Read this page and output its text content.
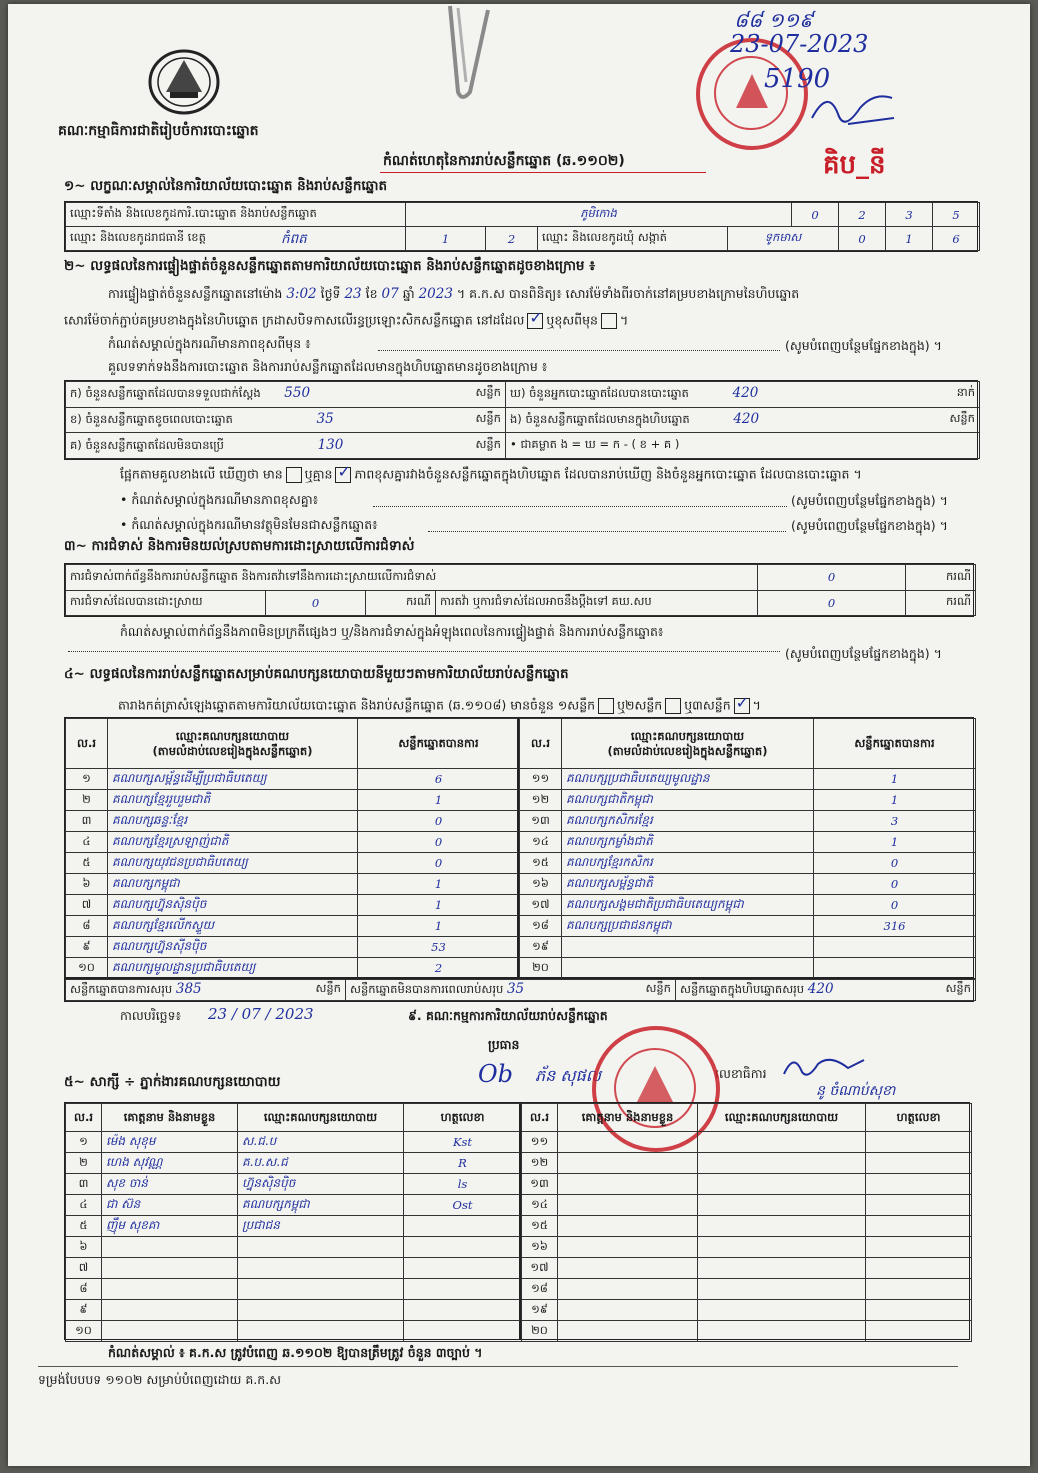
គណៈកម្មាធិការជាតិរៀបចំការបោះឆ្នោត
៨៨ ១១៩
23-07-2023
5190
គិប_នី
កំណត់ហេតុនៃការរាប់សន្លឹកឆ្នោត (ឆ.១១០២)
១~ លក្ខណៈសម្គាល់នៃការិយាល័យបោះឆ្នោត និងរាប់សន្លឹកឆ្នោត
ឈ្មោះទីតាំង និងលេខកូដការិ.បោះឆ្នោត និងរាប់សន្លឹកឆ្នោត	ភូមិកោង				0	2	3	5
ឈ្មោះ និងលេខកូដរាជធានី ខេត្ត កំពត	1	2	ឈ្មោះ និងលេខកូដឃុំ សង្កាត់	ទូកមាស		0	1	6
២~ លទ្ធផលនៃការផ្ទៀងផ្ទាត់ចំនួនសន្លឹកឆ្នោតតាមការិយាល័យបោះឆ្នោត និងរាប់សន្លឹកឆ្នោតដូចខាងក្រោម ៖
ការផ្ទៀងផ្ទាត់ចំនួនសន្លឹកឆ្នោតនៅម៉ោង 3:02 ថ្ងៃទី 23 ខែ 07 ឆ្នាំ 2023 ។ គ.ក.ស បានពិនិត្យ៖ សោរម៉ែទាំងពីរចាក់នៅគម្របខាងក្រោមនៃហិបឆ្នោត
សោរម៉ែចាក់ភ្ជាប់គម្របខាងក្នុងនៃហិបឆ្នោត ក្រដាសបិទកាសលើរន្ធប្រឡោះសិកសន្លឹកឆ្នោត នៅដដែល ✓ ឬខុសពីមុន ។
កំណត់សម្គាល់ក្នុងករណីមានភាពខុសពីមុន ៖	(សូមបំពេញបន្ថែមផ្នែកខាងក្នុង) ។
គួលទទាក់ទងនឹងការបោះឆ្នោត និងការរាប់សន្លឹកឆ្នោតដែលមានក្នុងហិបឆ្នោតមានដូចខាងក្រោម ៖
ក) ចំនួនសន្លឹកឆ្នោតដែលបានទទួលជាក់ស្តែង 550 សន្លឹក	ឃ) ចំនួនអ្នកបោះឆ្នោតដែលបានបោះឆ្នោត 420 នាក់

ខ) ចំនួនសន្លឹកឆ្នោតខូចពេលបោះឆ្នោត 35 សន្លឹក	ង) ចំនួនសន្លឹកឆ្នោតដែលមានក្នុងហិបឆ្នោត 420 សន្លឹក

គ) ចំនួនសន្លឹកឆ្នោតដែលមិនបានប្រើ 130 សន្លឹក	• ជាគម្លាត ង = ឃ = ក - ( ខ + គ )
ផ្អែកតាមគួលខាងលើ ឃើញថា មាន ឬគ្មាន ✓ ភាពខុសគ្នារវាងចំនួនសន្លឹកឆ្នោតក្នុងហិបឆ្នោត ដែលបានរាប់ឃើញ និងចំនួនអ្នកបោះឆ្នោត ដែលបានបោះឆ្នោត ។
• កំណត់សម្គាល់ក្នុងករណីមានភាពខុសគ្នា៖	(សូមបំពេញបន្ថែមផ្នែកខាងក្នុង) ។
• កំណត់សម្គាល់ក្នុងករណីមានវត្ថុមិនមែនជាសន្លឹកឆ្នោត៖	(សូមបំពេញបន្ថែមផ្នែកខាងក្នុង) ។
៣~ ការជំទាស់ និងការមិនយល់ស្របតាមការដោះស្រាយលើការជំទាស់
ការជំទាស់ពាក់ព័ន្ធនឹងការរាប់សន្លឹកឆ្នោត និងការតវ៉ាទៅនឹងការដោះស្រាយលើការជំទាស់				0	ករណី
ការជំទាស់ដែលបានដោះស្រាយ	0	ករណី	ការតវ៉ា ឬការជំទាស់ដែលអាចនឹងប្តឹងទៅ គឃ.សប	0	ករណី
កំណត់សម្គាល់ពាក់ព័ន្ធនឹងភាពមិនប្រក្រតីផ្សេងៗ ឬ/និងការជំទាស់ក្នុងអំឡុងពេលនៃការផ្ទៀងផ្ទាត់ និងការរាប់សន្លឹកឆ្នោត៖
(សូមបំពេញបន្ថែមផ្នែកខាងក្នុង) ។
៤~ លទ្ធផលនៃការរាប់សន្លឹកឆ្នោតសម្រាប់គណបក្សនយោបាយនីមួយៗតាមការិយាល័យរាប់សន្លឹកឆ្នោត
តារាងកត់ត្រាសំឡេងឆ្នោតតាមការិយាល័យបោះឆ្នោត និងរាប់សន្លឹកឆ្នោត (ឆ.១១០៨) មានចំនួន ១សន្លឹក ឬ២សន្លឹក ឬ៣សន្លឹក ✓ ។
ល.រ	ឈ្មោះគណបក្សនយោបាយ
(តាមលំដាប់លេខរៀងក្នុងសន្លឹកឆ្នោត)	សន្លឹកឆ្នោតបានការ
១	គណបក្សសម្ព័ន្ធដើម្បីប្រជាធិបតេយ្យ	6
២	គណបក្សខ្មែររួបរួមជាតិ	1
៣	គណបក្សឆន្ទៈខ្មែរ	0
៤	គណបក្សខ្មែរស្រឡាញ់ជាតិ	0
៥	គណបក្សយុវជនប្រជាធិបតេយ្យ	0
៦	គណបក្សកម្ពុជា	1
៧	គណបក្សហ្វ៊ុនស៊ិនប៉ិច	1
៨	គណបក្សខ្មែរលើកស្ទួយ	1
៩	គណបក្សហ្វ៊ុនស៊ីនប៉ិច	53
១០	គណបក្សមូលដ្ឋានប្រជាធិបតេយ្យ	2
ល.រ	ឈ្មោះគណបក្សនយោបាយ
(តាមលំដាប់លេខរៀងក្នុងសន្លឹកឆ្នោត)	សន្លឹកឆ្នោតបានការ
១១	គណបក្សប្រជាធិបតេយ្យមូលដ្ឋាន	1
១២	គណបក្សជាតិកម្ពុជា	1
១៣	គណបក្សកសិករខ្មែរ	3
១៤	គណបក្សកម្លាំងជាតិ	1
១៥	គណបក្សខ្មែរកសិករ	0
១៦	គណបក្សសម្ព័ន្ធជាតិ	0
១៧	គណបក្សសង្គមជាតិប្រជាធិបតេយ្យកម្ពុជា	0
១៨	គណបក្សប្រជាជនកម្ពុជា	316
១៩		
២០		
សន្លឹកឆ្នោតបានការសរុប 385	សន្លឹក	សន្លឹកឆ្នោតមិនបានការពេលរាប់សរុប 35	សន្លឹក	សន្លឹកឆ្នោតក្នុងហិបឆ្នោតសរុប 420	សន្លឹក
កាលបរិច្ឆេទ៖ 23 / 07 / 2023	៩. គណៈកម្មការការិយាល័យរាប់សន្លឹកឆ្នោត
ប្រធាន
Ob ភ័ន សុផល	លេខាធិការ
នូ ចំណាប់សុខា
៥~ សាក្សី ÷ ភ្នាក់ងារគណបក្សនយោបាយ
ល.រ	គោត្តនាម និងនាមខ្លួន	ឈ្មោះគណបក្សនយោបាយ	ហត្ថលេខា
១	ម៉េង សុខុម	ស.ជ.ប	Kst
២	ហេង សុវណ្ណ	គ.ប.ស.ជ	R
៣	សុខ ចាន់	ហ្វ៊ុនស៊ិនប៉ិច	ls
៤	ជា ស៊ន	គណបក្សកម្ពុជា	Ost
៥	ញ៉ឹម សុខគា	ប្រជាជន	
៦			
៧			
៨			
៩			
១០			
ល.រ	គោត្តនាម និងនាមខ្លួន	ឈ្មោះគណបក្សនយោបាយ	ហត្ថលេខា
១១			
១២			
១៣			
១៤			
១៥			
១៦			
១៧			
១៨			
១៩			
២០			
កំណត់សម្គាល់ ៖ គ.ក.ស ត្រូវបំពេញ ឆ.១១០២ ឱ្យបានត្រឹមត្រូវ ចំនួន ៣ច្បាប់ ។
ទម្រង់បែបបទ ១១០២ សម្រាប់បំពេញដោយ គ.ក.ស
